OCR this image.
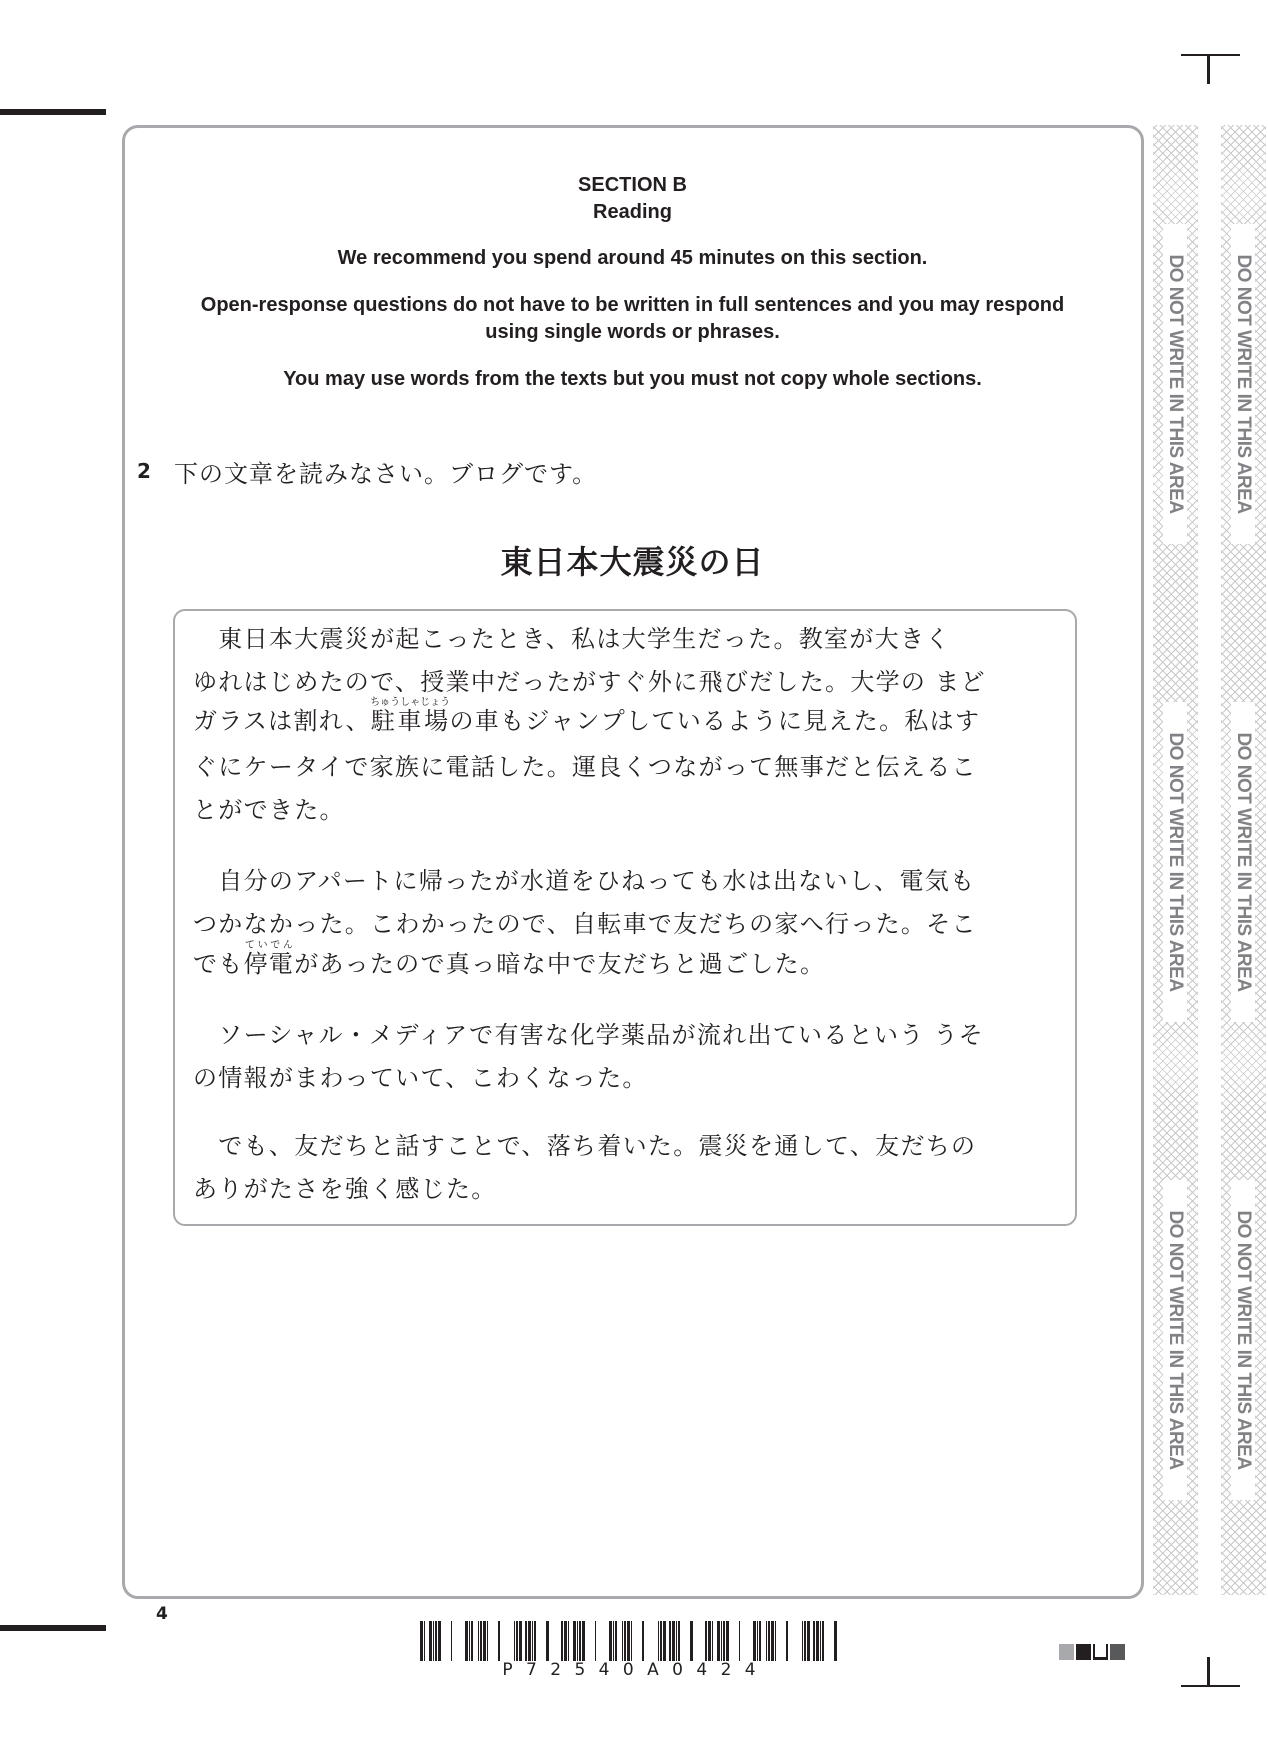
DO NOT WRITE IN THIS AREA
DO NOT WRITE IN THIS AREA
DO NOT WRITE IN THIS AREA
DO NOT WRITE IN THIS AREA
DO NOT WRITE IN THIS AREA
DO NOT WRITE IN THIS AREA
SECTION B
Reading
We recommend you spend around 45 minutes on this section.
Open-response questions do not have to be written in full sentences and you may respond
using single words or phrases.
You may use words from the texts but you must not copy whole sections.
2 下の文章を読みなさい。ブログです。
東日本大震災の日
　東日本大震災が起こったとき、私は大学生だった。教室が大きく
ゆれはじめたので、授業中だったがすぐ外に飛びだした。大学の まど
ガラスは割れ、駐車場ちゅうしゃじょうの車もジャンプしているように見えた。私はす
ぐにケータイで家族に電話した。運良くつながって無事だと伝えるこ
とができた。
　自分のアパートに帰ったが水道をひねっても水は出ないし、電気も
つかなかった。こわかったので、自転車で友だちの家へ行った。そこ
でも停電ていでんがあったので真っ暗な中で友だちと過ごした。
　ソーシャル・メディアで有害な化学薬品が流れ出ているという うそ
の情報がまわっていて、こわくなった。
　でも、友だちと話すことで、落ち着いた。震災を通して、友だちの
ありがたさを強く感じた。
4
P 7 2 5 4 0 A 0 4 2 4
